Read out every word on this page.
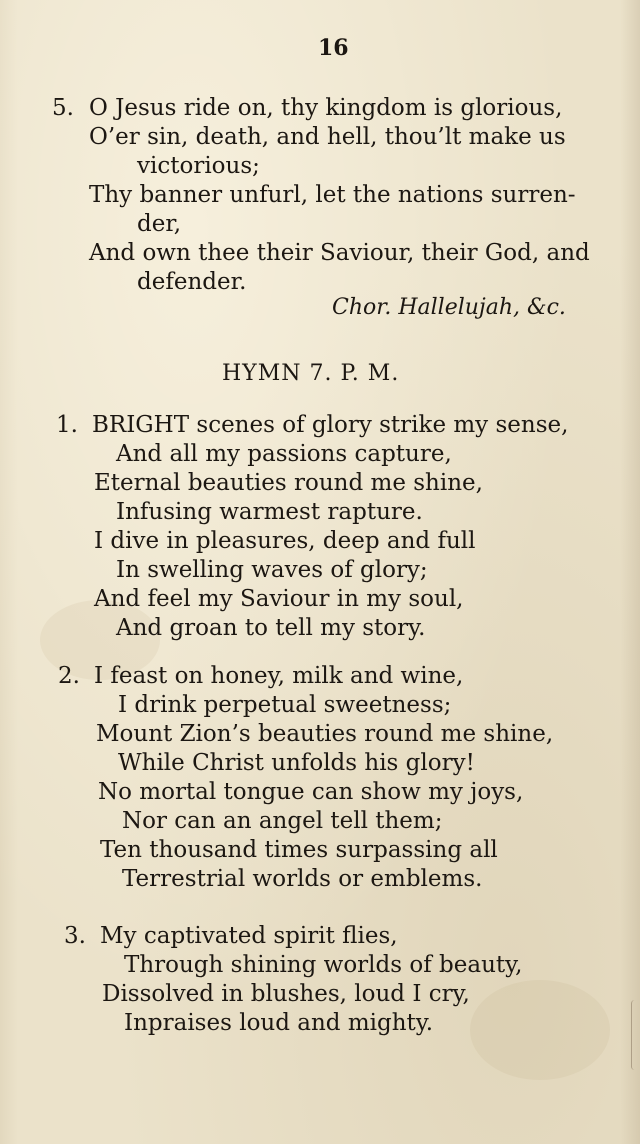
16
5. O Jesus ride on, thy kingdom is glorious,
O’er sin, death, and hell, thou’lt make us
victorious;
Thy banner unfurl, let the nations surren-
der,
And own thee their Saviour, their God, and
defender.
Chor. Hallelujah, &c.
HYMN 7. P. M.
1. BRIGHT scenes of glory strike my sense,
And all my passions capture,
Eternal beauties round me shine,
Infusing warmest rapture.
I dive in pleasures, deep and full
In swelling waves of glory;
And feel my Saviour in my soul,
And groan to tell my story.
2. I feast on honey, milk and wine,
I drink perpetual sweetness;
Mount Zion’s beauties round me shine,
While Christ unfolds his glory!
No mortal tongue can show my joys,
Nor can an angel tell them;
Ten thousand times surpassing all
Terrestrial worlds or emblems.
3. My captivated spirit flies,
Through shining worlds of beauty,
Dissolved in blushes, loud I cry,
Inpraises loud and mighty.
